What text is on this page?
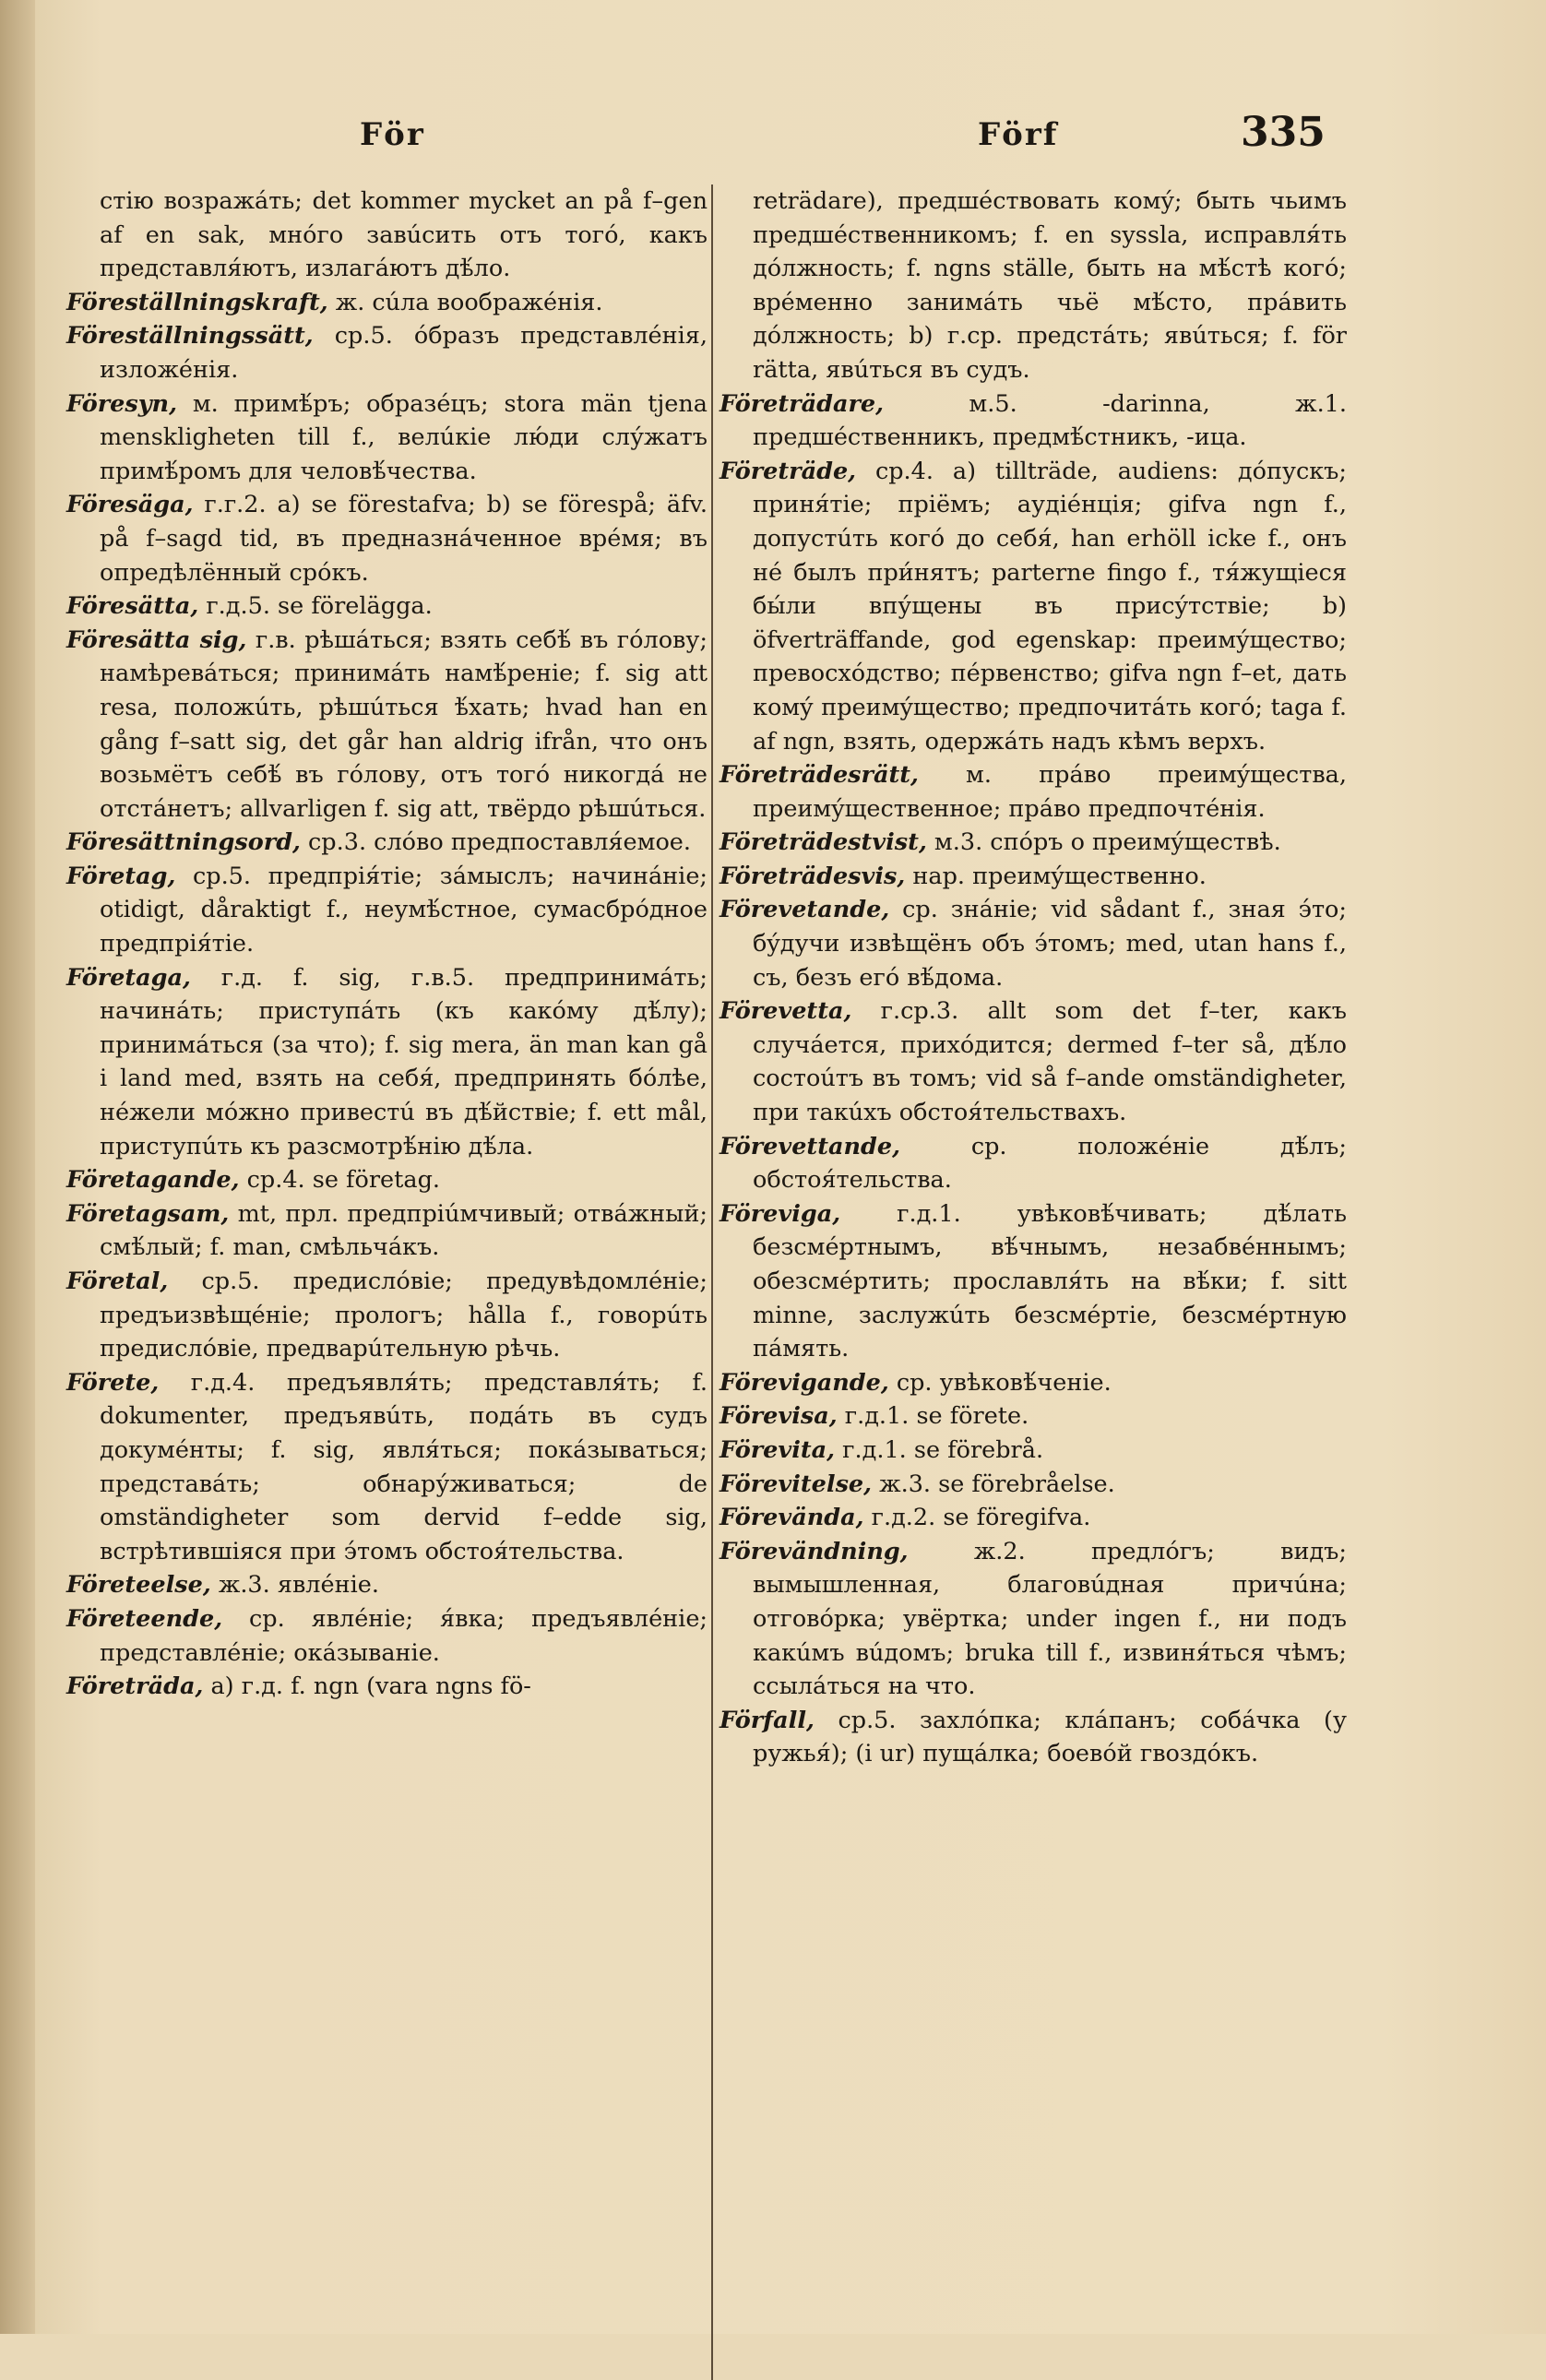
Fӧr	Fӧrf	335

стію возражáть; det kommer mycket an på f–gen af en sak, мнóго завúсить отъ тогó, какъ представля́ютъ, излагáютъ дѣ́ло.

Föreställningskraft, ж. сúла воображéнія.

Föreställningssätt, ср.5. óбразъ представлéнія, изложéнія.

Föresyn, м. примѣ́ръ; образéцъ; stora män tjena menskligheten till f., велúкіе лю́ди слу́жатъ примѣ́ромъ для человѣ́чества.

Föresäga, г.г.2. a) se förestafva; b) se förespå; äfv. på f–sagd tid, въ предназнáченное врéмя; въ опредѣлённый срóкъ.

Föresätta, г.д.5. se förelägga.

Föresätta sig, г.в. рѣшáться; взять себѣ́ въ гóлову; намѣревáться; принимáть намѣ́реніе; f. sig att resa, положúть, рѣшúться ѣ́хать; hvad han en gång f–satt sig, det går han aldrig ifrån, что онъ возьмётъ себѣ́ въ гóлову, отъ тогó никогдá не отстáнетъ; allvarligen f. sig att, твёрдо рѣшúться.

Föresättningsord, ср.3. слóво предпоставля́емое.

Företag, ср.5. предпрія́тіе; зáмыслъ; начинáніе; otidigt, dåraktigt f., неумѣ́стное, сумасбрóдное предпрія́тіе.

Företaga, г.д. f. sig, г.в.5. предпринимáть; начинáть; приступáть (къ какóму дѣ́лу); принимáться (за что); f. sig mera, än man kan gå i land med, взять на себя́, предпринять бóлѣе, нéжели мóжно привестú въ дѣ́йствіе; f. ett mål, приступúть къ разсмотрѣ́нію дѣ́ла.

Företagande, ср.4. se företag.

Företagsam, mt, прл. предпріúмчивый; отвáжный; смѣ́лый; f. man, смѣльчáкъ.

Företal, ср.5. предислóвіе; предувѣдомлéніе; предъизвѣщéніе; прологъ; hålla f., говорúть предислóвіе, предварúтельную рѣчь.

Förete, г.д.4. предъявля́ть; представля́ть; f. dokumenter, предъявúть, подáть въ судъ докумéнты; f. sig, явля́ться; покáзываться; представáть; обнару́живаться; de omständigheter som dervid f–edde sig, встрѣтившіяся при э́томъ обстоя́тельства.

Företeelse, ж.3. явлéніе.

Företeende, ср. явлéніе; я́вка; предъявлéніе; представлéніе; окáзываніе.

Företräda, a) г.д. f. ngn (vara ngns fö-

reträdare), предшéствовать комý; быть чьимъ предшéственникомъ; f. en syssla, исправля́ть дóлжность; f. ngns ställe, быть на мѣ́стѣ когó; врéменно занимáть чьё мѣ́сто, прáвить дóлжность; b) г.ср. предстáть; явúться; f. för rätta, явúться въ судъ.

Företrädare, м.5. -darinna, ж.1. предшéственникъ, предмѣ́стникъ, -ица.

Företräde, ср.4. a) tillträde, audiens: дóпускъ; приня́тіе; пріёмъ; аудіéнція; gifva ngn f., допустúть когó до себя́, han erhöll icke f., онъ нé былъ при́нятъ; parterne fingo f., тя́жущіеся бы́ли впу́щены въ присýтствіе; b) öfverträffande, god egenskap: преимýщество; превосхóдство; пéрвенство; gifva ngn f–et, дать комý преимýщество; предпочитáть когó; taga f. af ngn, взять, одержáть надъ кѣмъ верхъ.

Företrädesrätt, м. прáво преимýщества, преимýщественное; прáво предпочтéнія.

Företrädestvist, м.3. спóръ о преимýществѣ.

Företrädesvis, нар. преимýщественно.

Förevetande, ср. знáніе; vid sådant f., зная э́то; бýдучи извѣщёнъ объ э́томъ; med, utan hans f., съ, безъ егó вѣ́дома.

Förevetta, г.ср.3. allt som det f–ter, какъ случáется, прихóдится; dermed f–ter så, дѣ́ло состоúтъ въ томъ; vid så f–ande omständigheter, при такúхъ обстоя́тельствахъ.

Förevettande, ср. положéніе дѣ́лъ; обстоя́тельства.

Föreviga, г.д.1. увѣковѣ́чивать; дѣ́лать безсмéртнымъ, вѣ́чнымъ, незабвéннымъ; обезсмéртить; прославля́ть на вѣ́ки; f. sitt minne, заслужúть безсмéртіе, безсмéртную пáмять.

Förevigande, ср. увѣковѣ́ченіе.

Förevisa, г.д.1. se förete.

Förevita, г.д.1. se förebrå.

Förevitelse, ж.3. se förebråelse.

Förevända, г.д.2. se föregifva.

Förevändning, ж.2. предлóгъ; видъ; вымышленная, благовúдная причúна; отговóрка; увёртка; under ingen f., ни подъ какúмъ вúдомъ; bruka till f., извиня́ться чѣмъ; ссылáться на что.

Förfall, ср.5. захлóпка; клáпанъ; собáчка (у ружья́); (i ur) пущáлка; боевóй гвоздóкъ.
